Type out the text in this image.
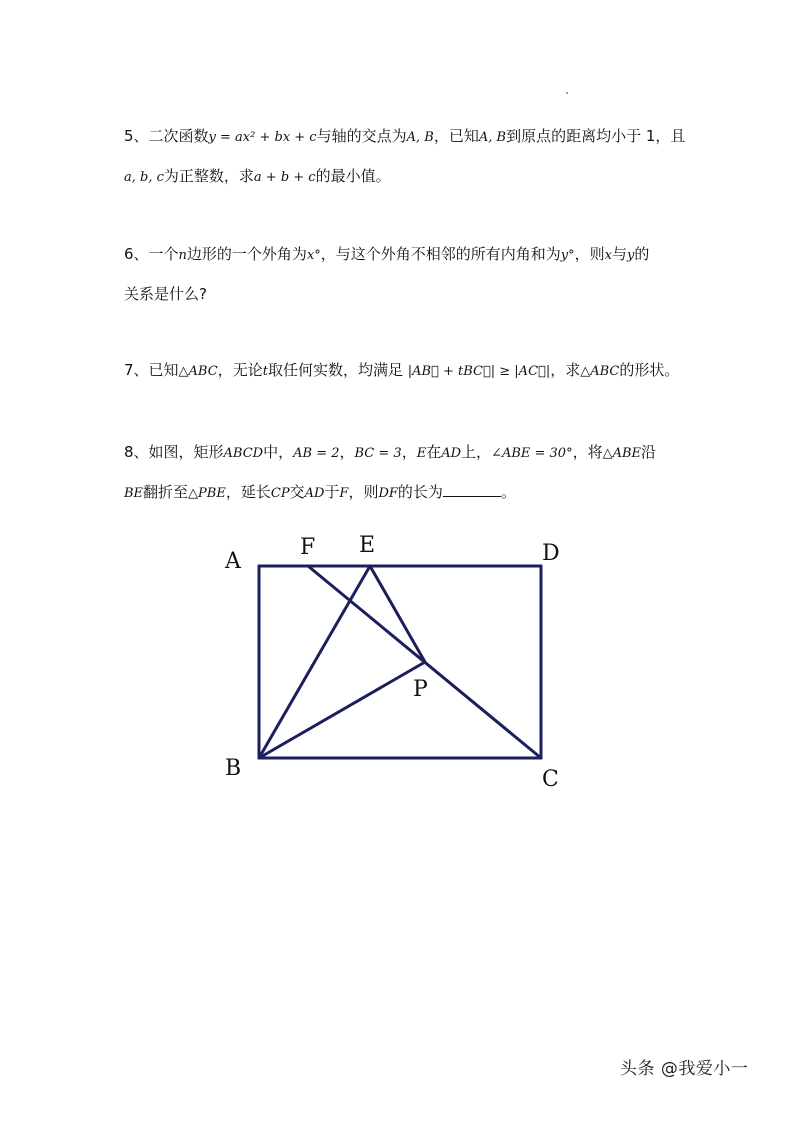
5、二次函数y = ax² + bx + c与轴的交点为A, B，已知A, B到原点的距离均小于 1，且
a, b, c为正整数，求a + b + c的最小值。
6、一个n边形的一个外角为x°，与这个外角不相邻的所有内角和为y°，则x与y的
关系是什么?
7、已知△ABC，无论t取任何实数，均满足 |AB⃗ + tBC⃗| ≥ |AC⃗|，求△ABC的形状。
8、如图，矩形ABCD中，AB = 2，BC = 3，E在AD上，∠ABE = 30°，将△ABE沿
BE翻折至△PBE，延长CP交AD于F，则DF的长为	。
A
F E	D
P
B	C
头条 @我爱小一
